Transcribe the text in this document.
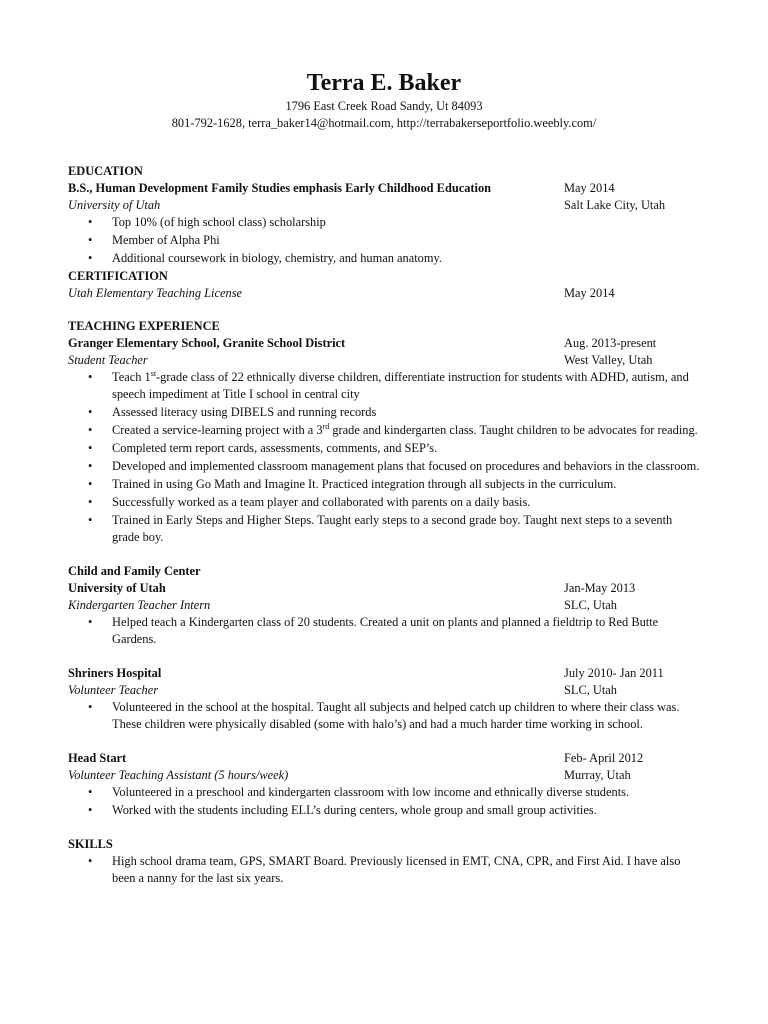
Terra E. Baker
1796 East Creek Road Sandy, Ut 84093
801-792-1628, terra_baker14@hotmail.com, http://terrabakerseportfolio.weebly.com/
EDUCATION
B.S., Human Development Family Studies emphasis Early Childhood Education	May 2014
University of Utah	Salt Lake City, Utah
• Top 10% (of high school class) scholarship
• Member of Alpha Phi
• Additional coursework in biology, chemistry, and human anatomy.
CERTIFICATION
Utah Elementary Teaching License	May 2014
TEACHING EXPERIENCE
Granger Elementary School, Granite School District	Aug. 2013-present
Student Teacher	West Valley, Utah
• Teach 1st-grade class of 22 ethnically diverse children, differentiate instruction for students with ADHD, autism, and speech impediment at Title I school in central city
• Assessed literacy using DIBELS and running records
• Created a service-learning project with a 3rd grade and kindergarten class. Taught children to be advocates for reading.
• Completed term report cards, assessments, comments, and SEP’s.
• Developed and implemented classroom management plans that focused on procedures and behaviors in the classroom.
• Trained in using Go Math and Imagine It. Practiced integration through all subjects in the curriculum.
• Successfully worked as a team player and collaborated with parents on a daily basis.
• Trained in Early Steps and Higher Steps. Taught early steps to a second grade boy. Taught next steps to a seventh grade boy.
Child and Family Center
University of Utah	Jan-May 2013
Kindergarten Teacher Intern	SLC, Utah
• Helped teach a Kindergarten class of 20 students. Created a unit on plants and planned a fieldtrip to Red Butte Gardens.
Shriners Hospital	July 2010- Jan 2011
Volunteer Teacher	SLC, Utah
• Volunteered in the school at the hospital. Taught all subjects and helped catch up children to where their class was. These children were physically disabled (some with halo’s) and had a much harder time working in school.
Head Start	Feb- April 2012
Volunteer Teaching Assistant (5 hours/week)	Murray, Utah
• Volunteered in a preschool and kindergarten classroom with low income and ethnically diverse students.
• Worked with the students including ELL’s during centers, whole group and small group activities.
SKILLS
• High school drama team, GPS, SMART Board. Previously licensed in EMT, CNA, CPR, and First Aid. I have also been a nanny for the last six years.
